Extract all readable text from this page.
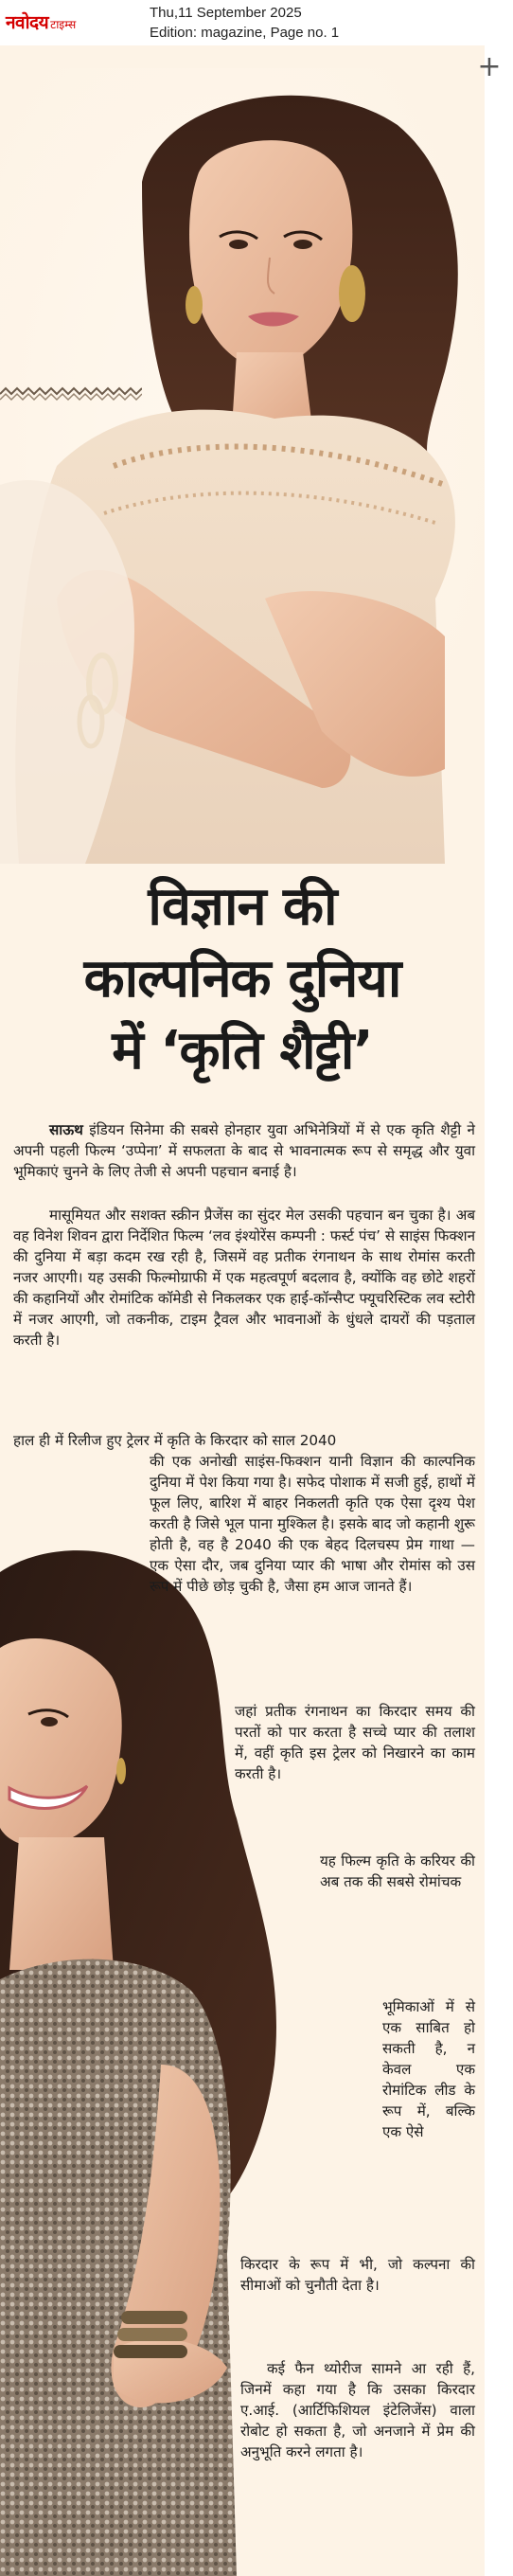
नवोदय टाइम्स
Thu,11 September 2025
Edition: magazine, Page no. 1
+
विज्ञान की
काल्पनिक दुनिया
में ‘कृति शैट्टी’
साऊथ इंडियन सिनेमा की सबसे होनहार युवा अभिनेत्रियों में से एक कृति शैट्टी ने अपनी पहली फिल्म ‘उप्पेना’ में सफलता के बाद से भावनात्मक रूप से समृद्ध और युवा भूमिकाएं चुनने के लिए तेजी से अपनी पहचान बनाई है।
मासूमियत और सशक्त स्क्रीन प्रैजेंस का सुंदर मेल उसकी पहचान बन चुका है। अब वह विनेश शिवन द्वारा निर्देशित फिल्म ‘लव इंश्योरेंस कम्पनी : फर्स्ट पंच’ से साइंस फिक्शन की दुनिया में बड़ा कदम रख रही है, जिसमें वह प्रतीक रंगनाथन के साथ रोमांस करती नजर आएगी। यह उसकी फिल्मोग्राफी में एक महत्वपूर्ण बदलाव है, क्योंकि वह छोटे शहरों की कहानियों और रोमांटिक कॉमेडी से निकलकर एक हाई-कॉन्सैप्ट फ्यूचरिस्टिक लव स्टोरी में नजर आएगी, जो तकनीक, टाइम ट्रैवल और भावनाओं के धुंधले दायरों की पड़ताल करती है।
हाल ही में रिलीज हुए ट्रेलर में कृति के किरदार को साल 2040
की एक अनोखी साइंस-फिक्शन यानी विज्ञान की काल्पनिक दुनिया में पेश किया गया है। सफेद पोशाक में सजी हुई, हाथों में फूल लिए, बारिश में बाहर निकलती कृति एक ऐसा दृश्य पेश करती है जिसे भूल पाना मुश्किल है। इसके बाद जो कहानी शुरू होती है, वह है 2040 की एक बेहद दिलचस्प प्रेम गाथा — एक ऐसा दौर, जब दुनिया प्यार की भाषा और रोमांस को उस रूप में पीछे छोड़ चुकी है, जैसा हम आज जानते हैं।
जहां प्रतीक रंगनाथन का किरदार समय की परतों को पार करता है सच्चे प्यार की तलाश में, वहीं कृति इस ट्रेलर को निखारने का काम करती है।
यह फिल्म कृति के करियर की अब तक की सबसे रोमांचक
भूमिकाओं में से एक साबित हो सकती है, न केवल एक रोमांटिक लीड के रूप में, बल्कि एक ऐसे
किरदार के रूप में भी, जो कल्पना की सीमाओं को चुनौती देता है।
कई फैन थ्योरीज सामने आ रही हैं, जिनमें कहा गया है कि उसका किरदार ए.आई. (आर्टिफिशियल इंटेलिजेंस) वाला रोबोट हो सकता है, जो अनजाने में प्रेम की अनुभूति करने लगता है।
